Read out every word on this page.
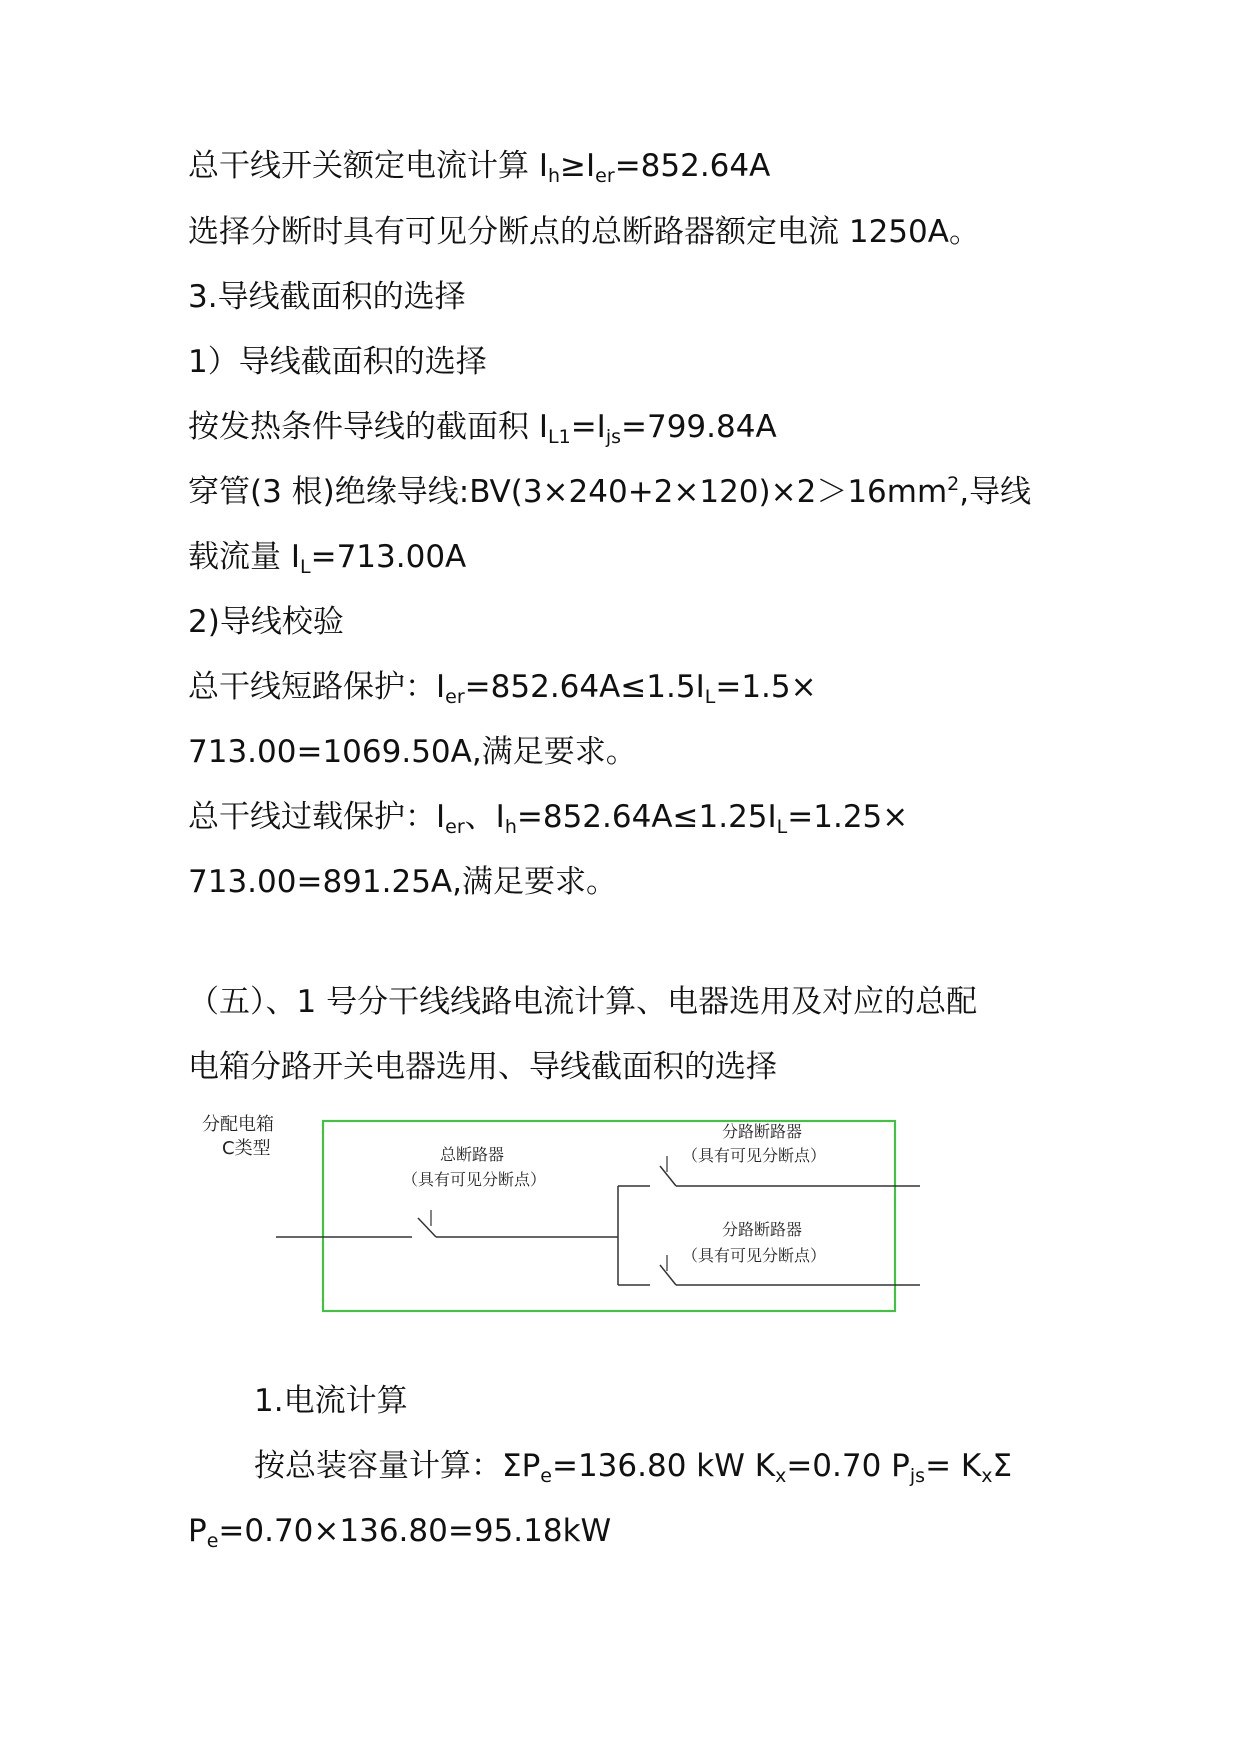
总干线开关额定电流计算 $I_h\ge I_{er}=852.64A$
选择分断时具有可见分断点的总断路器额定电流 1250A。
3.导线截面积的选择
1）导线截面积的选择
按发热条件导线的截面积 $I_{L1}=I_{js}=799.84A$
穿管(3 根)绝缘导线$:BV(3\times 240+2\times 120)\times 2>16mm^2$,导线
载流量 $I_L=713.00A$
2)导线校验
总干线短路保护：$I_{er}=852.64A\le 1.5I_L=1.5\times$
713.00=1069.50A,满足要求。
总干线过载保护：$I_{er}$、$I_h=852.64A\le 1.25I_L=1.25\times$
713.00=891.25A,满足要求。
（五）、1 号分干线线路电流计算、电器选用及对应的总配
电箱分路开关电器选用、导线截面积的选择
分配电箱
C类型	总断路器
（具有可见分断点）
分路断路器
（具有可见分断点）
分路断路器
（具有可见分断点）
1.电流计算
按总装容量计算：$\Sigma P_e=136.80$ kW $K_x=0.70$ $P_{js}= K_x\Sigma$
$P_e=0.70\times 136.80=95.18kW$
